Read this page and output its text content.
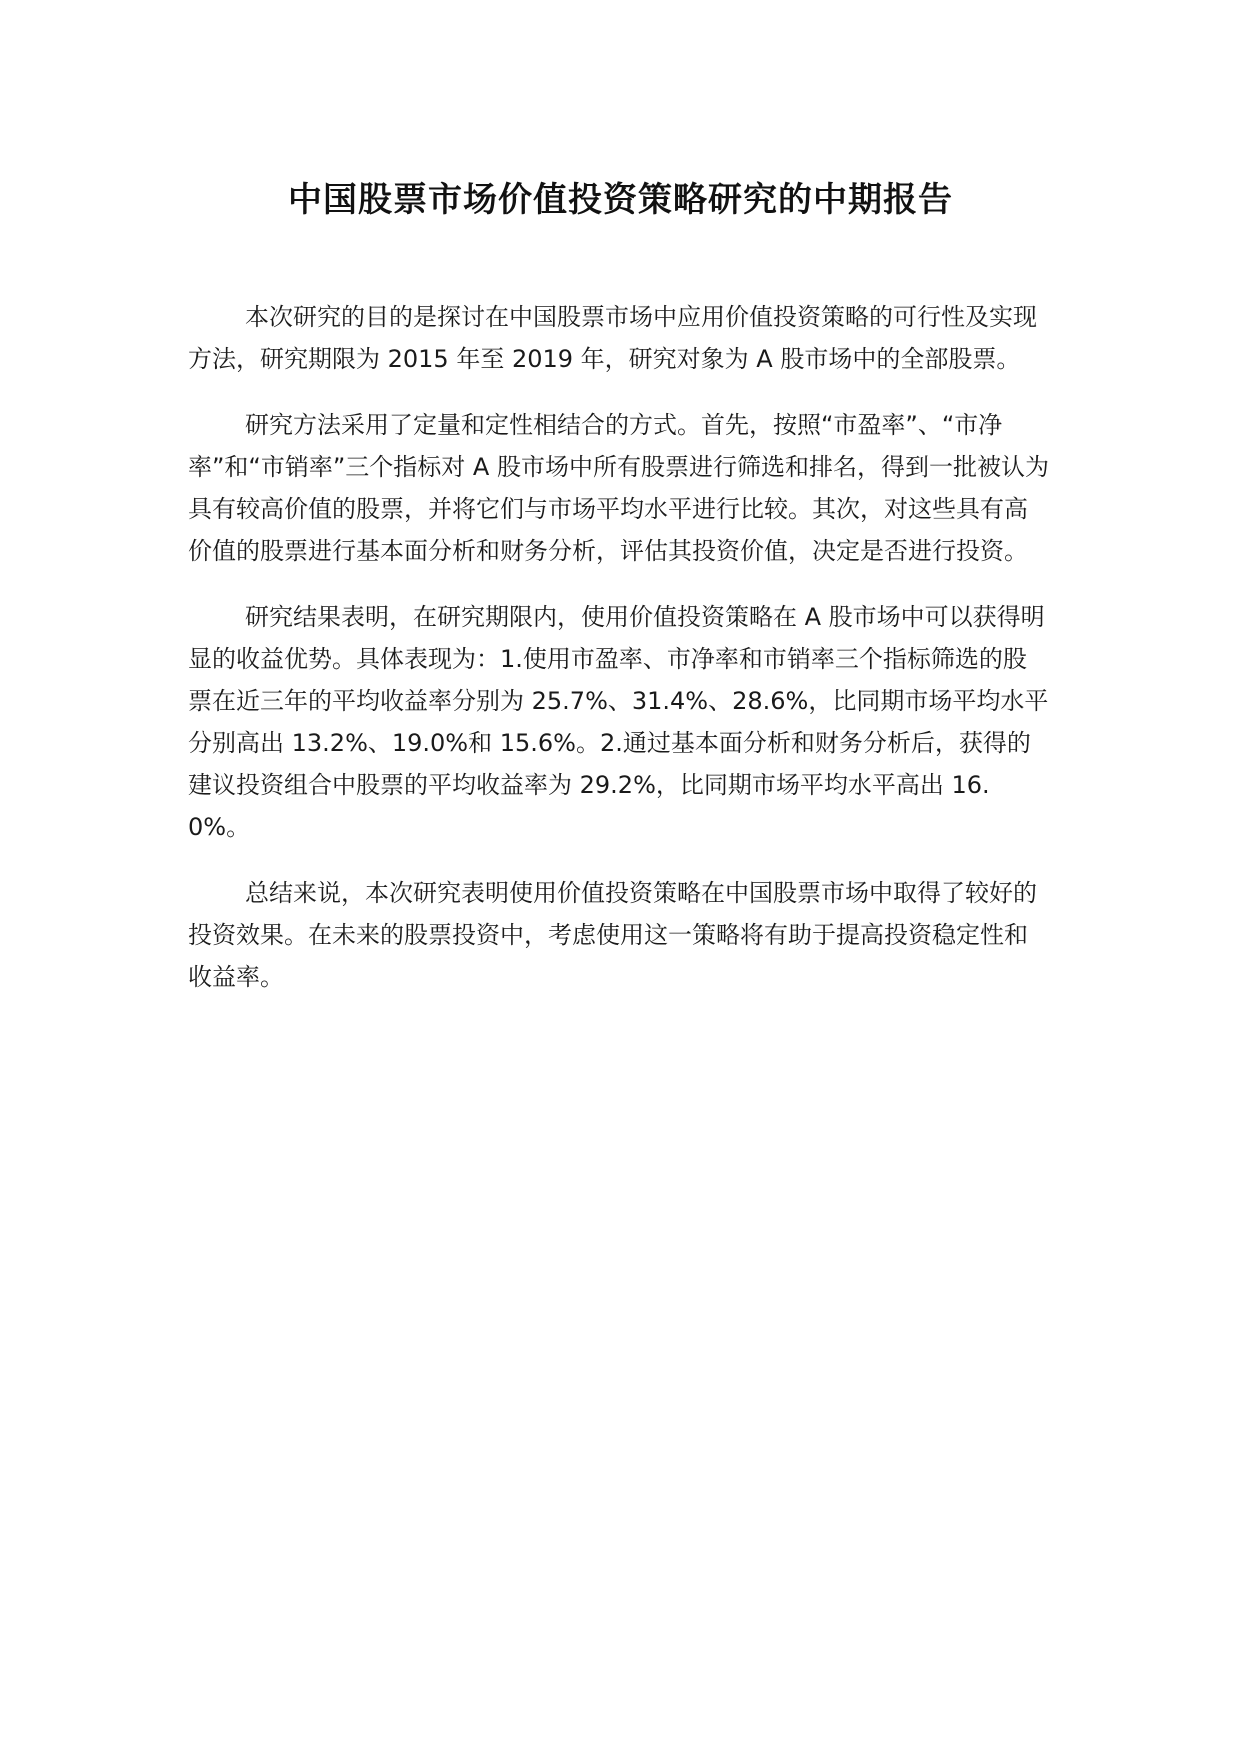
中国股票市场价值投资策略研究的中期报告

本次研究的目的是探讨在中国股票市场中应用价值投资策略的可行性及实现方法，研究期限为 2015 年至 2019 年，研究对象为 A 股市场中的全部股票。

研究方法采用了定量和定性相结合的方式。首先，按照“市盈率”、“市净率”和“市销率”三个指标对 A 股市场中所有股票进行筛选和排名，得到一批被认为具有较高价值的股票，并将它们与市场平均水平进行比较。其次，对这些具有高价值的股票进行基本面分析和财务分析，评估其投资价值，决定是否进行投资。

研究结果表明，在研究期限内，使用价值投资策略在 A 股市场中可以获得明显的收益优势。具体表现为：1.使用市盈率、市净率和市销率三个指标筛选的股票在近三年的平均收益率分别为 25.7%、31.4%、28.6%，比同期市场平均水平分别高出 13.2%、19.0%和 15.6%。2.通过基本面分析和财务分析后，获得的建议投资组合中股票的平均收益率为 29.2%，比同期市场平均水平高出 16.0%。

总结来说，本次研究表明使用价值投资策略在中国股票市场中取得了较好的投资效果。在未来的股票投资中，考虑使用这一策略将有助于提高投资稳定性和收益率。
